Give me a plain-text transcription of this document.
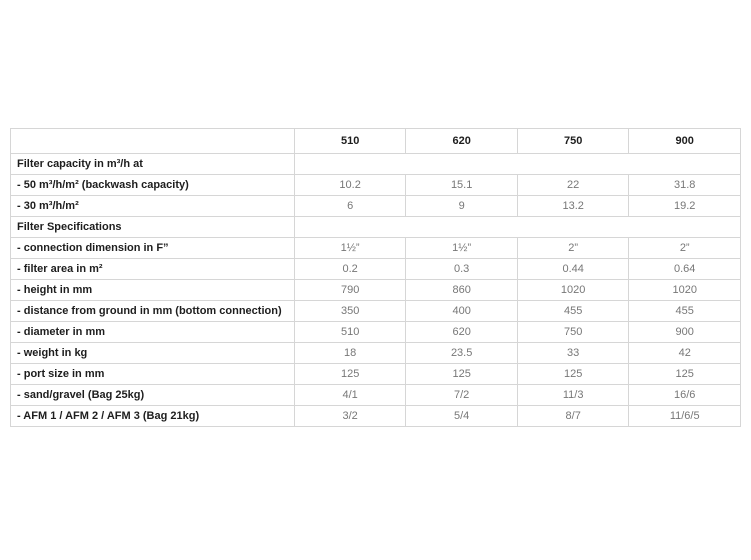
	510	620	750	900
Filter capacity in m³/h at				
- 50 m³/h/m² (backwash capacity)	10.2	15.1	22	31.8
- 30 m³/h/m²	6	9	13.2	19.2
Filter Specifications				
- connection dimension in F”	1½”	1½”	2”	2”
- filter area in m²	0.2	0.3	0.44	0.64
- height in mm	790	860	1020	1020
- distance from ground in mm (bottom connection)	350	400	455	455
- diameter in mm	510	620	750	900
- weight in kg	18	23.5	33	42
- port size in mm	125	125	125	125
- sand/gravel (Bag 25kg)	4/1	7/2	11/3	16/6
- AFM 1 / AFM 2 / AFM 3 (Bag 21kg)	3/2	5/4	8/7	11/6/5
